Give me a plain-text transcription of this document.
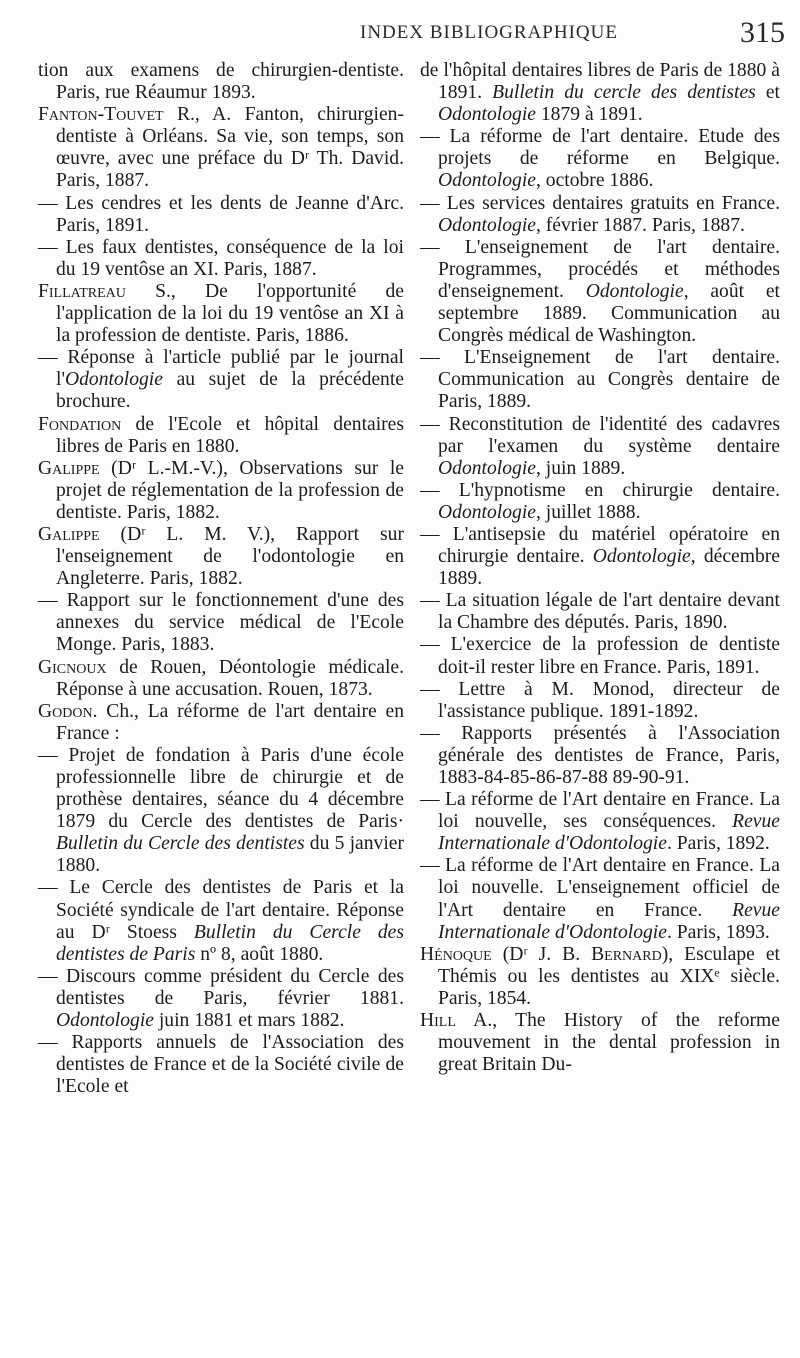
INDEX BIBLIOGRAPHIQUE	315

tion aux examens de chirurgien-dentiste. Paris, rue Réaumur 1893.

Fanton-Touvet R., A. Fanton, chirurgien-dentiste à Orléans. Sa vie, son temps, son œuvre, avec une préface du Dʳ Th. David. Paris, 1887.

— Les cendres et les dents de Jeanne d'Arc. Paris, 1891.

— Les faux dentistes, conséquence de la loi du 19 ventôse an XI. Paris, 1887.

Fillatreau S., De l'opportunité de l'application de la loi du 19 ventôse an XI à la profession de dentiste. Paris, 1886.

— Réponse à l'article publié par le journal l'Odontologie au sujet de la précédente brochure.

Fondation de l'Ecole et hôpital dentaires libres de Paris en 1880.

Galippe (Dʳ L.-M.-V.), Observations sur le projet de réglementation de la profession de dentiste. Paris, 1882.

Galippe (Dʳ L. M. V.), Rapport sur l'enseignement de l'odontologie en Angleterre. Paris, 1882.

— Rapport sur le fonctionnement d'une des annexes du service médical de l'Ecole Monge. Paris, 1883.

Gicnoux de Rouen, Déontologie médicale. Réponse à une accusation. Rouen, 1873.

Godon. Ch., La réforme de l'art dentaire en France :

— Projet de fondation à Paris d'une école professionnelle libre de chirurgie et de prothèse dentaires, séance du 4 décembre 1879 du Cercle des dentistes de Paris· Bulletin du Cercle des dentistes du 5 janvier 1880.

— Le Cercle des dentistes de Paris et la Société syndicale de l'art dentaire. Réponse au Dʳ Stoess Bulletin du Cercle des dentistes de Paris nº 8, août 1880.

— Discours comme président du Cercle des dentistes de Paris, février 1881. Odontologie juin 1881 et mars 1882.

— Rapports annuels de l'Association des dentistes de France et de la Société civile de l'Ecole et

de l'hôpital dentaires libres de Paris de 1880 à 1891. Bulletin du cercle des dentistes et Odontologie 1879 à 1891.

— La réforme de l'art dentaire. Etude des projets de réforme en Belgique. Odontologie, octobre 1886.

— Les services dentaires gratuits en France. Odontologie, février 1887. Paris, 1887.

— L'enseignement de l'art dentaire. Programmes, procédés et méthodes d'enseignement. Odontologie, août et septembre 1889. Communication au Congrès médical de Washington.

— L'Enseignement de l'art dentaire. Communication au Congrès dentaire de Paris, 1889.

— Reconstitution de l'identité des cadavres par l'examen du système dentaire Odontologie, juin 1889.

— L'hypnotisme en chirurgie dentaire. Odontologie, juillet 1888.

— L'antisepsie du matériel opératoire en chirurgie dentaire. Odontologie, décembre 1889.

— La situation légale de l'art dentaire devant la Chambre des députés. Paris, 1890.

— L'exercice de la profession de dentiste doit-il rester libre en France. Paris, 1891.

— Lettre à M. Monod, directeur de l'assistance publique. 1891-1892.

— Rapports présentés à l'Association générale des dentistes de France, Paris, 1883-84-85-86-87-88 89-90-91.

— La réforme de l'Art dentaire en France. La loi nouvelle, ses conséquences. Revue Internationale d'Odontologie. Paris, 1892.

— La réforme de l'Art dentaire en France. La loi nouvelle. L'enseignement officiel de l'Art dentaire en France. Revue Internationale d'Odontologie. Paris, 1893.

Hénoque (Dʳ J. B. Bernard), Esculape et Thémis ou les dentistes au XIXᵉ siècle. Paris, 1854.

Hill A., The History of the reforme mouvement in the dental profession in great Britain Du-
